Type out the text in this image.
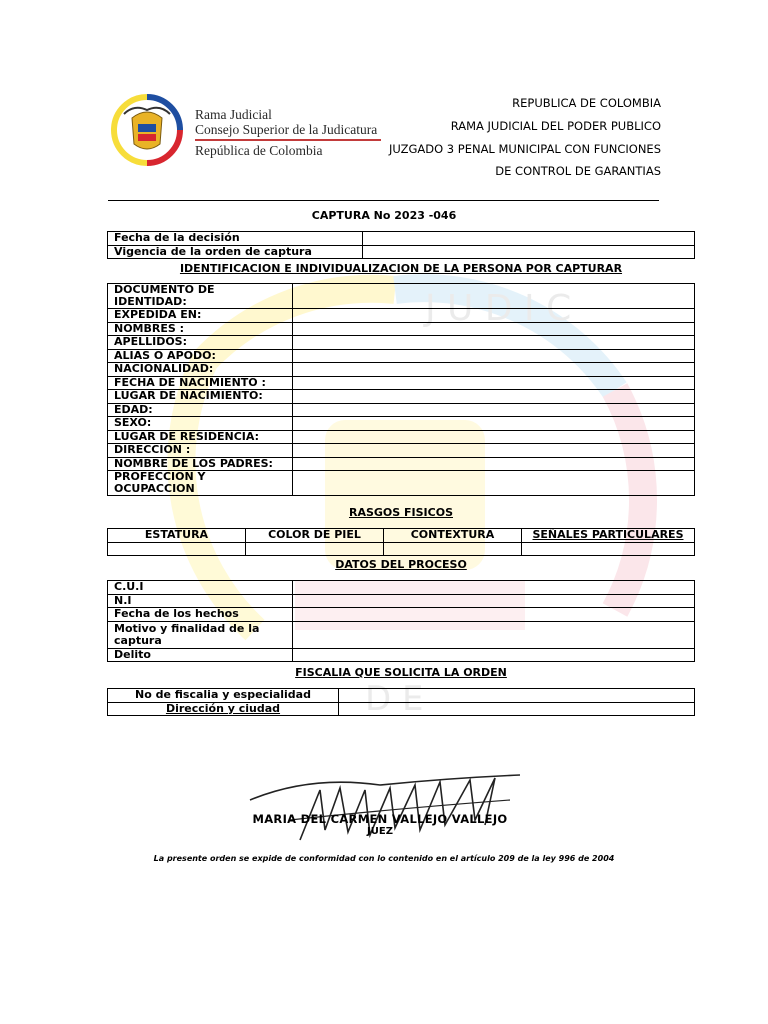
J U D I C
D E
Rama Judicial
Consejo Superior de la Judicatura
República de Colombia
REPUBLICA DE COLOMBIA
RAMA JUDICIAL DEL PODER PUBLICO
JUZGADO 3 PENAL MUNICIPAL CON FUNCIONES
DE CONTROL DE GARANTIAS
CAPTURA No 2023 -046
Fecha de la decisión	
Vigencia de la orden de captura	
IDENTIFICACION E INDIVIDUALIZACION DE LA PERSONA POR CAPTURAR
DOCUMENTO DE IDENTIDAD:	
EXPEDIDA EN:	
NOMBRES :	
APELLIDOS:	
ALIAS O APODO:	
NACIONALIDAD:	
FECHA DE NACIMIENTO :	
LUGAR DE NACIMIENTO:	
EDAD:	
SEXO:	
LUGAR DE RESIDENCIA:	
DIRECCION :	
NOMBRE DE LOS PADRES:	
PROFECCION Y OCUPACCION	
RASGOS FISICOS
ESTATURA	COLOR DE PIEL	CONTEXTURA	SEÑALES PARTICULARES

DATOS DEL PROCESO
C.U.I	
N.I	
Fecha de los hechos	
Motivo y finalidad de la captura	
Delito	
FISCALIA QUE SOLICITA LA ORDEN
No de fiscalia y especialidad	
Dirección y ciudad	
MARIA DEL CARMEN VALLEJO VALLEJO
JUEZ
La presente orden se expide de conformidad con lo contenido en el artículo 209 de la ley 996 de 2004
